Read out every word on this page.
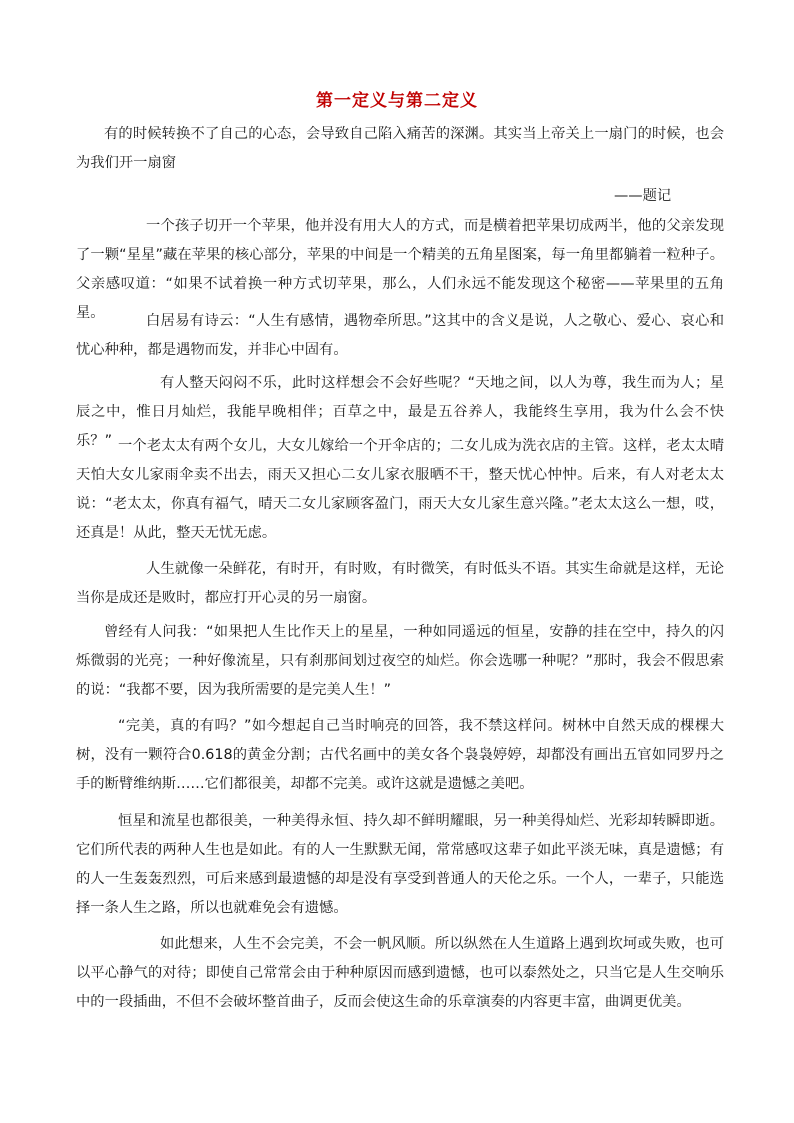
第一定义与第二定义
有的时候转换不了自己的心态，会导致自己陷入痛苦的深渊。其实当上帝关上一扇门的时候，也会为我们开一扇窗
——题记
一个孩子切开一个苹果，他并没有用大人的方式，而是横着把苹果切成两半，他的父亲发现了一颗“星星”藏在苹果的核心部分，苹果的中间是一个精美的五角星图案，每一角里都躺着一粒种子。父亲感叹道：“如果不试着换一种方式切苹果，那么，人们永远不能发现这个秘密——苹果里的五角星。	白居易有诗云：“人生有感情，遇物牵所思。”这其中的含义是说，人之敬心、爱心、哀心和忧心种种，都是遇物而发，并非心中固有。
有人整天闷闷不乐，此时这样想会不会好些呢？“天地之间，以人为尊，我生而为人；星辰之中，惟日月灿烂，我能早晚相伴；百草之中，最是五谷养人，我能终生享用，我为什么会不快乐？” 一个老太太有两个女儿，大女儿嫁给一个开伞店的；二女儿成为洗衣店的主管。这样，老太太晴天怕大女儿家雨伞卖不出去，雨天又担心二女儿家衣服晒不干，整天忧心忡忡。后来，有人对老太太说：“老太太，你真有福气，晴天二女儿家顾客盈门，雨天大女儿家生意兴隆。”老太太这么一想，哎，还真是！从此，整天无忧无虑。
人生就像一朵鲜花，有时开，有时败，有时微笑，有时低头不语。其实生命就是这样，无论当你是成还是败时，都应打开心灵的另一扇窗。
曾经有人问我：“如果把人生比作天上的星星，一种如同遥远的恒星，安静的挂在空中，持久的闪烁微弱的光亮；一种好像流星，只有刹那间划过夜空的灿烂。你会选哪一种呢？”那时，我会不假思索的说：“我都不要，因为我所需要的是完美人生！”
“完美，真的有吗？”如今想起自己当时响亮的回答，我不禁这样问。树林中自然天成的棵棵大树，没有一颗符合0.618的黄金分割；古代名画中的美女各个袅袅婷婷，却都没有画出五官如同罗丹之手的断臂维纳斯……它们都很美，却都不完美。或许这就是遗憾之美吧。
恒星和流星也都很美，一种美得永恒、持久却不鲜明耀眼，另一种美得灿烂、光彩却转瞬即逝。它们所代表的两种人生也是如此。有的人一生默默无闻，常常感叹这辈子如此平淡无味，真是遗憾；有的人一生轰轰烈烈，可后来感到最遗憾的却是没有享受到普通人的天伦之乐。一个人，一辈子，只能选择一条人生之路，所以也就难免会有遗憾。
如此想来，人生不会完美，不会一帆风顺。所以纵然在人生道路上遇到坎坷或失败，也可以平心静气的对待；即使自己常常会由于种种原因而感到遗憾，也可以泰然处之，只当它是人生交响乐中的一段插曲，不但不会破坏整首曲子，反而会使这生命的乐章演奏的内容更丰富，曲调更优美。
